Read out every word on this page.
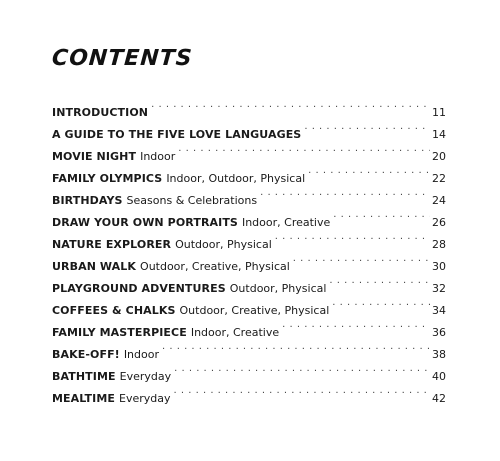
CONTENTS
INTRODUCTION . . .	11
A GUIDE TO THE FIVE LOVE LANGUAGES . . .	14
MOVIE NIGHT Indoor . . .	20
FAMILY OLYMPICS Indoor, Outdoor, Physical . . .	22
BIRTHDAYS Seasons & Celebrations . . .	24
DRAW YOUR OWN PORTRAITS Indoor, Creative . . .	26
NATURE EXPLORER Outdoor, Physical . . .	28
URBAN WALK Outdoor, Creative, Physical . . .	30
PLAYGROUND ADVENTURES Outdoor, Physical . . .	32
COFFEES & CHALKS Outdoor, Creative, Physical . . .	34
FAMILY MASTERPIECE Indoor, Creative . . .	36
BAKE-OFF! Indoor . . .	38
BATHTIME Everyday . . .	40
MEALTIME Everyday . . .	42
